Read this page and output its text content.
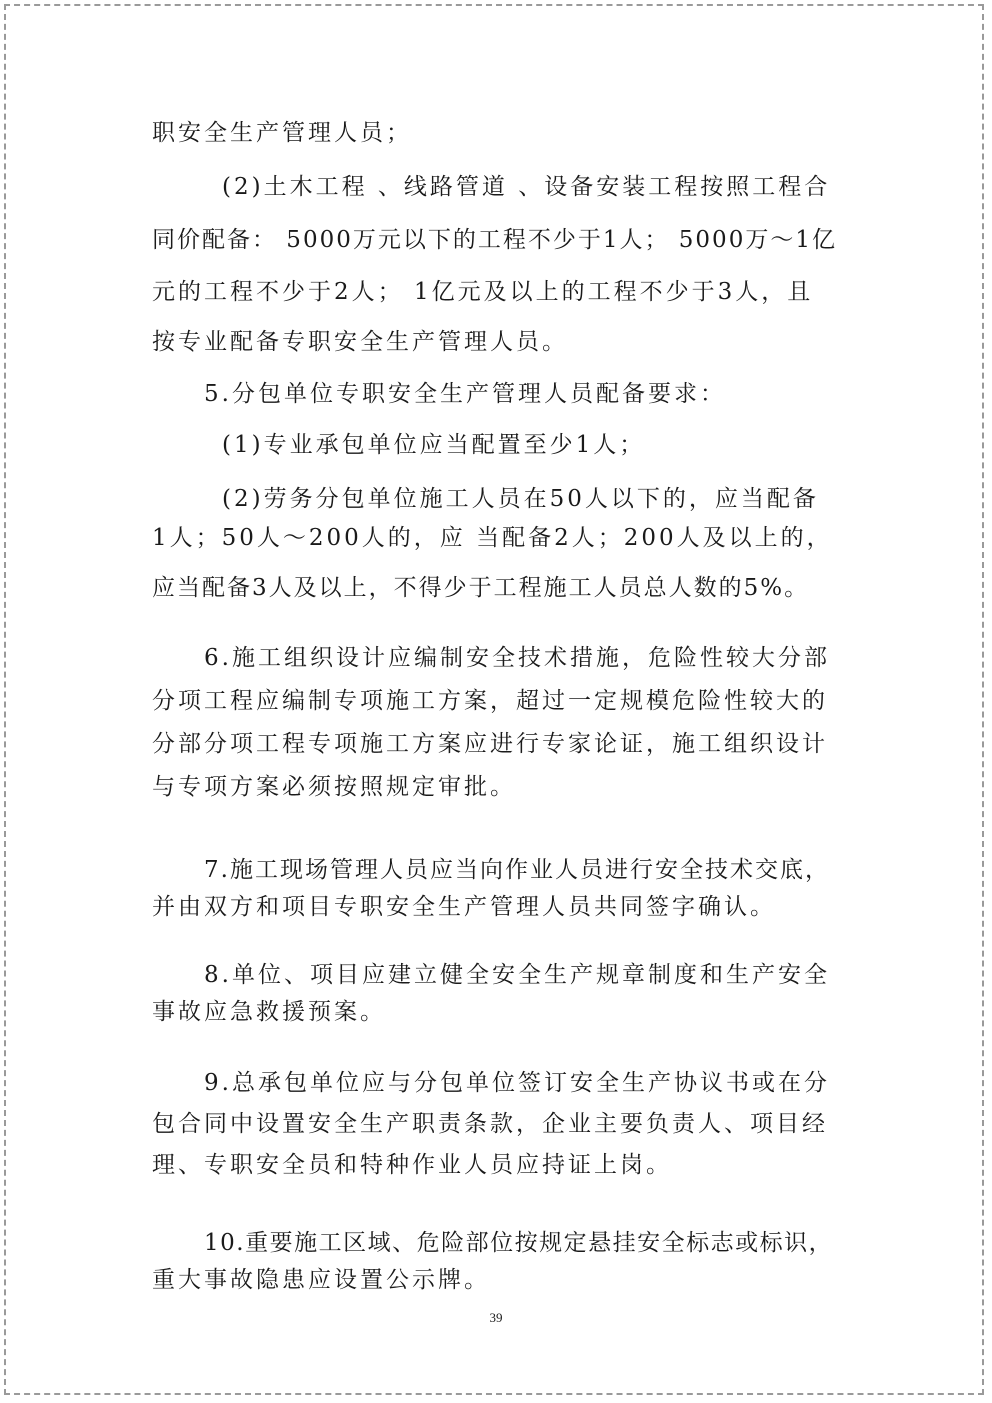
职安全生产管理人员；
(2)土木工程 、线路管道 、设备安装工程按照工程合
同价配备： 5000万元以下的工程不少于1人； 5000万～1亿
元的工程不少于2人； 1亿元及以上的工程不少于3人，且
按专业配备专职安全生产管理人员。
5.分包单位专职安全生产管理人员配备要求：
(1)专业承包单位应当配置至少1人；
(2)劳务分包单位施工人员在50人以下的，应当配备
1人；50人～200人的，应 当配备2人；200人及以上的，
应当配备3人及以上，不得少于工程施工人员总人数的5%。
6.施工组织设计应编制安全技术措施，危险性较大分部
分项工程应编制专项施工方案，超过一定规模危险性较大的
分部分项工程专项施工方案应进行专家论证，施工组织设计
与专项方案必须按照规定审批。
7.施工现场管理人员应当向作业人员进行安全技术交底，
并由双方和项目专职安全生产管理人员共同签字确认。
8.单位、项目应建立健全安全生产规章制度和生产安全
事故应急救援预案。
9.总承包单位应与分包单位签订安全生产协议书或在分
包合同中设置安全生产职责条款，企业主要负责人、项目经
理、专职安全员和特种作业人员应持证上岗。
10.重要施工区域、危险部位按规定悬挂安全标志或标识，
重大事故隐患应设置公示牌。
39
